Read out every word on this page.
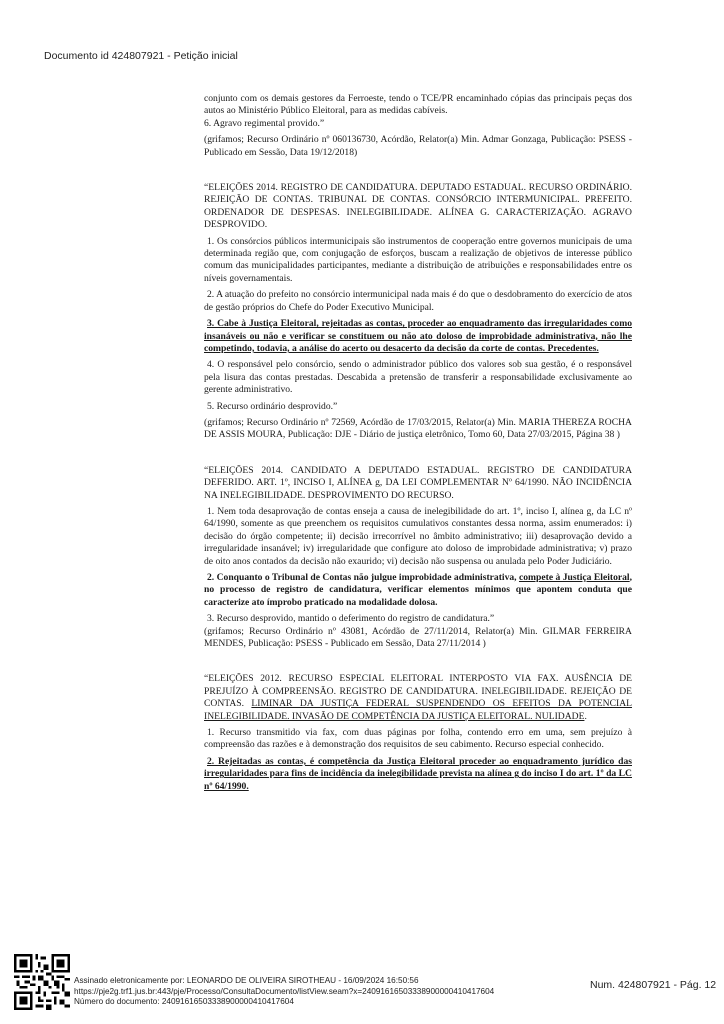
Documento id 424807921 - Petição inicial

conjunto com os demais gestores da Ferroeste, tendo o TCE/PR encaminhado cópias das principais peças dos autos ao Ministério Público Eleitoral, para as medidas cabíveis.

6. Agravo regimental provido.”

(grifamos; Recurso Ordinário nº 060136730, Acórdão, Relator(a) Min. Admar Gonzaga, Publicação: PSESS - Publicado em Sessão, Data 19/12/2018)

“ELEIÇÕES 2014. REGISTRO DE CANDIDATURA. DEPUTADO ESTADUAL. RECURSO ORDINÁRIO. REJEIÇÃO DE CONTAS. TRIBUNAL DE CONTAS. CONSÓRCIO INTERMUNICIPAL. PREFEITO. ORDENADOR DE DESPESAS. INELEGIBILIDADE. ALÍNEA G. CARACTERIZAÇÃO. AGRAVO DESPROVIDO.

1. Os consórcios públicos intermunicipais são instrumentos de cooperação entre governos municipais de uma determinada região que, com conjugação de esforços, buscam a realização de objetivos de interesse público comum das municipalidades participantes, mediante a distribuição de atribuições e responsabilidades entre os níveis governamentais.

2. A atuação do prefeito no consórcio intermunicipal nada mais é do que o desdobramento do exercício de atos de gestão próprios do Chefe do Poder Executivo Municipal.

3. Cabe à Justiça Eleitoral, rejeitadas as contas, proceder ao enquadramento das irregularidades como insanáveis ou não e verificar se constituem ou não ato doloso de improbidade administrativa, não lhe competindo, todavia, a análise do acerto ou desacerto da decisão da corte de contas. Precedentes.

4. O responsável pelo consórcio, sendo o administrador público dos valores sob sua gestão, é o responsável pela lisura das contas prestadas. Descabida a pretensão de transferir a responsabilidade exclusivamente ao gerente administrativo.

5. Recurso ordinário desprovido.”

(grifamos; Recurso Ordinário nº 72569, Acórdão de 17/03/2015, Relator(a) Min. MARIA THEREZA ROCHA DE ASSIS MOURA, Publicação: DJE - Diário de justiça eletrônico, Tomo 60, Data 27/03/2015, Página 38 )

“ELEIÇÕES 2014. CANDIDATO A DEPUTADO ESTADUAL. REGISTRO DE CANDIDATURA DEFERIDO. ART. 1º, INCISO I, ALÍNEA g, DA LEI COMPLEMENTAR Nº 64/1990. NÃO INCIDÊNCIA NA INELEGIBILIDADE. DESPROVIMENTO DO RECURSO.

1. Nem toda desaprovação de contas enseja a causa de inelegibilidade do art. 1º, inciso I, alínea g, da LC nº 64/1990, somente as que preenchem os requisitos cumulativos constantes dessa norma, assim enumerados: i) decisão do órgão competente; ii) decisão irrecorrível no âmbito administrativo; iii) desaprovação devido a irregularidade insanável; iv) irregularidade que configure ato doloso de improbidade administrativa; v) prazo de oito anos contados da decisão não exaurido; vi) decisão não suspensa ou anulada pelo Poder Judiciário.

2. Conquanto o Tribunal de Contas não julgue improbidade administrativa, compete à Justiça Eleitoral, no processo de registro de candidatura, verificar elementos mínimos que apontem conduta que caracterize ato ímprobo praticado na modalidade dolosa.

3. Recurso desprovido, mantido o deferimento do registro de candidatura.”

(grifamos; Recurso Ordinário nº 43081, Acórdão de 27/11/2014, Relator(a) Min. GILMAR FERREIRA MENDES, Publicação: PSESS - Publicado em Sessão, Data 27/11/2014 )

“ELEIÇÕES 2012. RECURSO ESPECIAL ELEITORAL INTERPOSTO VIA FAX. AUSÊNCIA DE PREJUÍZO À COMPREENSÃO. REGISTRO DE CANDIDATURA. INELEGIBILIDADE. REJEIÇÃO DE CONTAS. LIMINAR DA JUSTIÇA FEDERAL SUSPENDENDO OS EFEITOS DA POTENCIAL INELEGIBILIDADE. INVASÃO DE COMPETÊNCIA DA JUSTIÇA ELEITORAL. NULIDADE.

1. Recurso transmitido via fax, com duas páginas por folha, contendo erro em uma, sem prejuízo à compreensão das razões e à demonstração dos requisitos de seu cabimento. Recurso especial conhecido.

2. Rejeitadas as contas, é competência da Justiça Eleitoral proceder ao enquadramento jurídico das irregularidades para fins de incidência da inelegibilidade prevista na alínea g do inciso I do art. 1º da LC nº 64/1990.

Assinado eletronicamente por: LEONARDO DE OLIVEIRA SIROTHEAU - 16/09/2024 16:50:56
https://pje2g.trf1.jus.br:443/pje/Processo/ConsultaDocumento/listView.seam?x=24091616503338900000410417604
Número do documento: 24091616503338900000410417604
Num. 424807921 - Pág. 12
